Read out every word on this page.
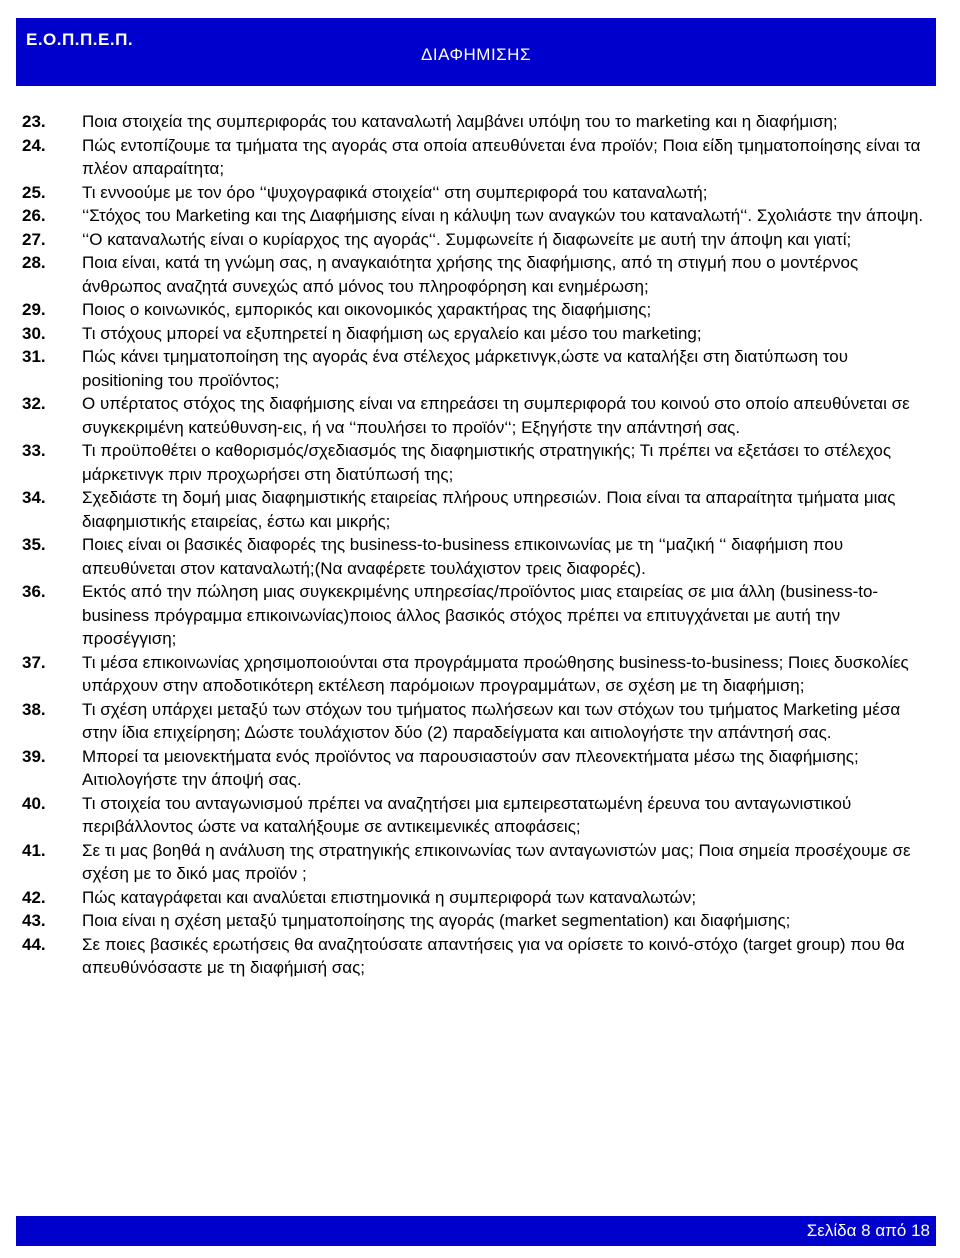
Ε.Ο.Π.Π.Ε.Π.
ΔΙΑΦΗΜΙΣΗΣ
23.	Ποια στοιχεία της συμπεριφοράς του καταναλωτή λαμβάνει υπόψη του το marketing και η διαφήμιση;
24.	Πώς εντοπίζουμε τα τμήματα της αγοράς στα οποία απευθύνεται ένα προϊόν; Ποια είδη τμηματοποίησης είναι τα πλέον απαραίτητα;
25.	Τι εννοούμε με τον όρο ‘‘ψυχογραφικά στοιχεία‘‘ στη συμπεριφορά του καταναλωτή;
26.	‘‘Στόχος του Marketing και της Διαφήμισης είναι η κάλυψη των αναγκών του καταναλωτή‘‘. Σχολιάστε την άποψη.
27.	‘‘Ο καταναλωτής είναι ο κυρίαρχος της αγοράς‘‘. Συμφωνείτε ή διαφωνείτε με αυτή την άποψη και γιατί;
28.	Ποια είναι, κατά τη γνώμη σας, η αναγκαιότητα χρήσης της διαφήμισης, από τη στιγμή που ο μοντέρνος άνθρωπος αναζητά συνεχώς από μόνος του πληροφόρηση και ενημέρωση;
29.	Ποιος ο κοινωνικός, εμπορικός και οικονομικός χαρακτήρας της διαφήμισης;
30.	Τι στόχους μπορεί να εξυπηρετεί η διαφήμιση ως εργαλείο και μέσο του marketing;
31.	Πώς κάνει τμηματοποίηση της αγοράς ένα στέλεχος μάρκετινγκ,ώστε να καταλήξει στη διατύπωση του positioning του προϊόντος;
32.	Ο υπέρτατος στόχος της διαφήμισης είναι να επηρεάσει τη συμπεριφορά του κοινού στο οποίο απευθύνεται σε συγκεκριμένη κατεύθυνση-εις, ή να ‘‘πουλήσει το προϊόν‘‘; Εξηγήστε την απάντησή σας.
33.	Τι προϋποθέτει ο καθορισμός/σχεδιασμός της διαφημιστικής στρατηγικής; Τι πρέπει να εξετάσει το στέλεχος μάρκετινγκ πριν προχωρήσει στη διατύπωσή της;
34.	Σχεδιάστε τη δομή μιας διαφημιστικής εταιρείας πλήρους υπηρεσιών. Ποια είναι τα απαραίτητα τμήματα μιας διαφημιστικής εταιρείας, έστω και μικρής;
35.	Ποιες είναι οι βασικές διαφορές της business-to-business επικοινωνίας με τη ‘‘μαζική ‘‘ διαφήμιση που απευθύνεται στον καταναλωτή;(Να αναφέρετε τουλάχιστον τρεις διαφορές).
36.	Εκτός από την πώληση μιας συγκεκριμένης υπηρεσίας/προϊόντος μιας εταιρείας σε μια άλλη (business-to-business πρόγραμμα επικοινωνίας)ποιος άλλος βασικός στόχος πρέπει να επιτυγχάνεται με αυτή την προσέγγιση;
37.	Τι μέσα επικοινωνίας χρησιμοποιούνται στα προγράμματα προώθησης business-to-business; Ποιες δυσκολίες υπάρχουν στην αποδοτικότερη εκτέλεση παρόμοιων προγραμμάτων, σε σχέση με τη διαφήμιση;
38.	Τι σχέση υπάρχει μεταξύ των στόχων του τμήματος πωλήσεων και των στόχων του τμήματος Marketing μέσα στην ίδια επιχείρηση; Δώστε τουλάχιστον δύο (2) παραδείγματα και αιτιολογήστε την απάντησή σας.
39.	Μπορεί τα μειονεκτήματα ενός προϊόντος να παρουσιαστούν σαν πλεονεκτήματα μέσω της διαφήμισης; Αιτιολογήστε την άποψή σας.
40.	Τι στοιχεία του ανταγωνισμού πρέπει να αναζητήσει μια εμπειρεστατωμένη έρευνα του ανταγωνιστικού περιβάλλοντος ώστε να καταλήξουμε σε αντικειμενικές αποφάσεις;
41.	Σε τι μας βοηθά η ανάλυση της στρατηγικής επικοινωνίας των ανταγωνιστών μας; Ποια σημεία προσέχουμε σε σχέση με το δικό μας προϊόν ;
42.	Πώς καταγράφεται και αναλύεται επιστημονικά η συμπεριφορά των καταναλωτών;
43.	Ποια είναι η σχέση μεταξύ τμηματοποίησης της αγοράς (market segmentation) και διαφήμισης;
44.	Σε ποιες βασικές ερωτήσεις θα αναζητούσατε απαντήσεις για να ορίσετε το κοινό-στόχο (target group) που θα απευθύνόσαστε με τη διαφήμισή σας;
Σελίδα 8 από 18
